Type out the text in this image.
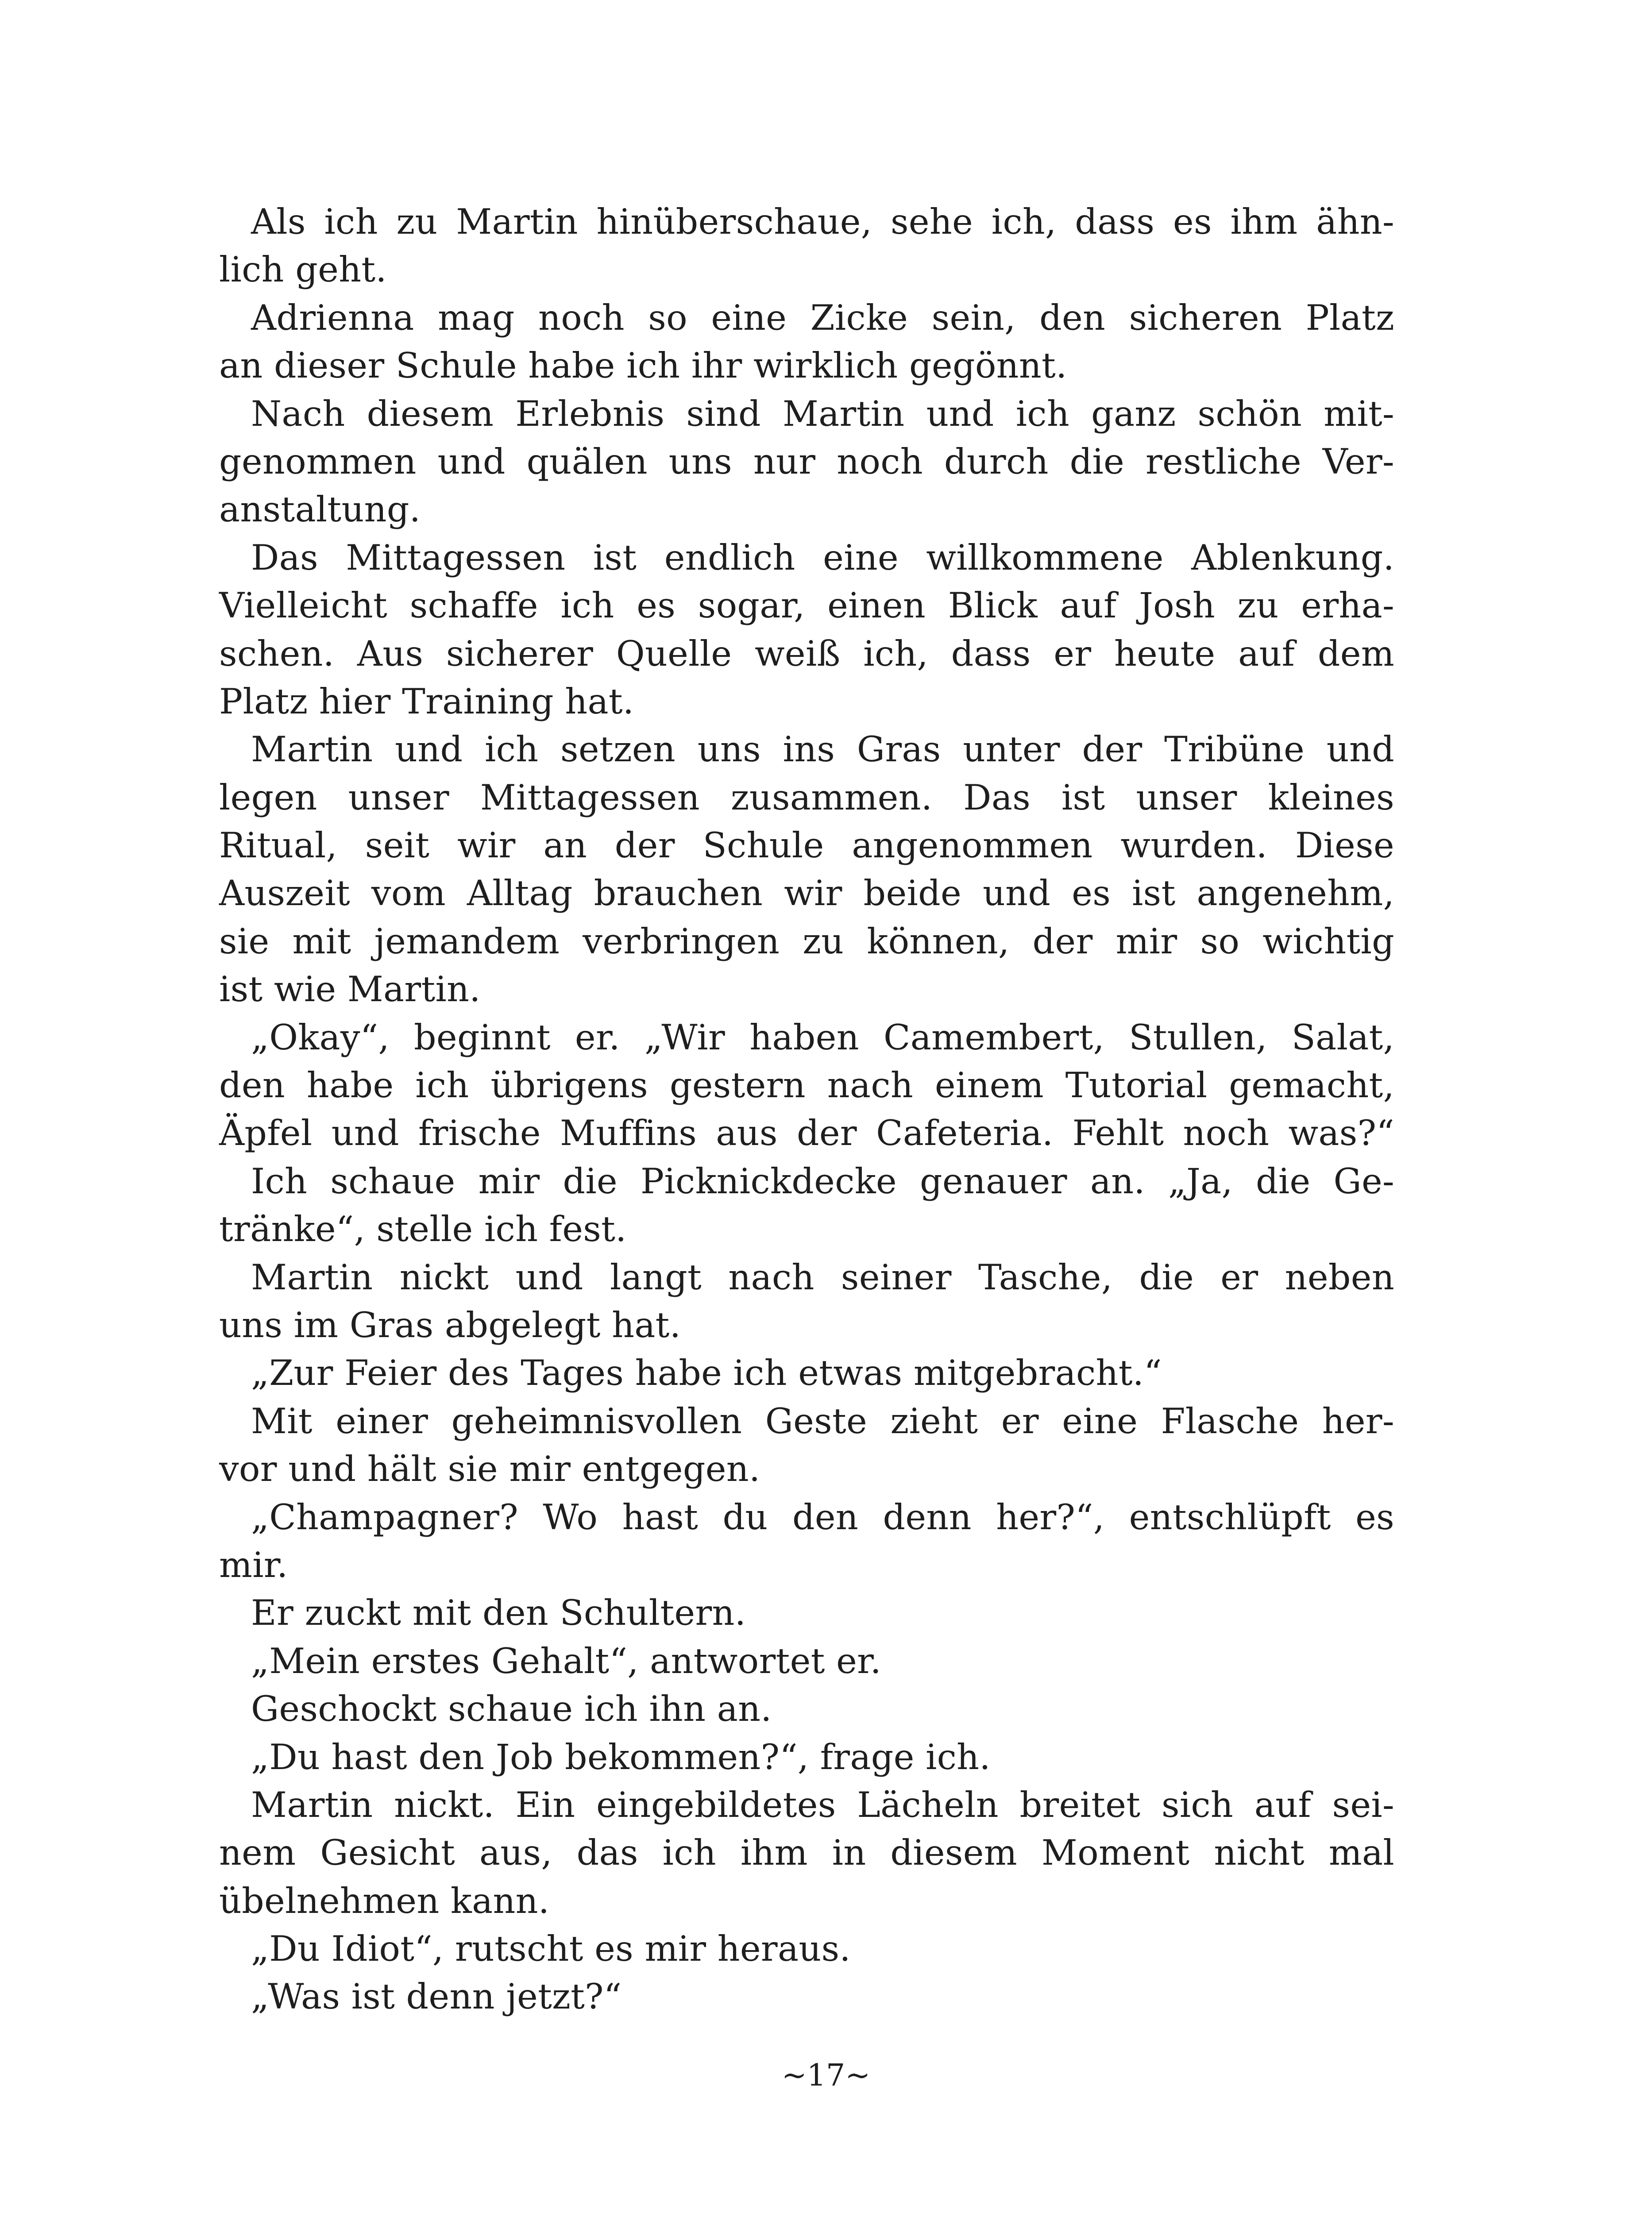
Als ich zu Martin hinüberschaue, sehe ich, dass es ihm ähn-
lich geht.
Adrienna mag noch so eine Zicke sein, den sicheren Platz
an dieser Schule habe ich ihr wirklich gegönnt.
Nach diesem Erlebnis sind Martin und ich ganz schön mit-
genommen und quälen uns nur noch durch die restliche Ver-
anstaltung.
Das Mittagessen ist endlich eine willkommene Ablenkung.
Vielleicht schaffe ich es sogar, einen Blick auf Josh zu erha-
schen. Aus sicherer Quelle weiß ich, dass er heute auf dem
Platz hier Training hat.
Martin und ich setzen uns ins Gras unter der Tribüne und
legen unser Mittagessen zusammen. Das ist unser kleines
Ritual, seit wir an der Schule angenommen wurden. Diese
Auszeit vom Alltag brauchen wir beide und es ist angenehm,
sie mit jemandem verbringen zu können, der mir so wichtig
ist wie Martin.
„Okay“, beginnt er. „Wir haben Camembert, Stullen, Salat,
den habe ich übrigens gestern nach einem Tutorial gemacht,
Äpfel und frische Muffins aus der Cafeteria. Fehlt noch was?“
Ich schaue mir die Picknickdecke genauer an. „Ja, die Ge-
tränke“, stelle ich fest.
Martin nickt und langt nach seiner Tasche, die er neben
uns im Gras abgelegt hat.
„Zur Feier des Tages habe ich etwas mitgebracht.“
Mit einer geheimnisvollen Geste zieht er eine Flasche her-
vor und hält sie mir entgegen.
„Champagner? Wo hast du den denn her?“, entschlüpft es
mir.
Er zuckt mit den Schultern.
„Mein erstes Gehalt“, antwortet er.
Geschockt schaue ich ihn an.
„Du hast den Job bekommen?“, frage ich.
Martin nickt. Ein eingebildetes Lächeln breitet sich auf sei-
nem Gesicht aus, das ich ihm in diesem Moment nicht mal
übelnehmen kann.
„Du Idiot“, rutscht es mir heraus.
„Was ist denn jetzt?“
~17~
